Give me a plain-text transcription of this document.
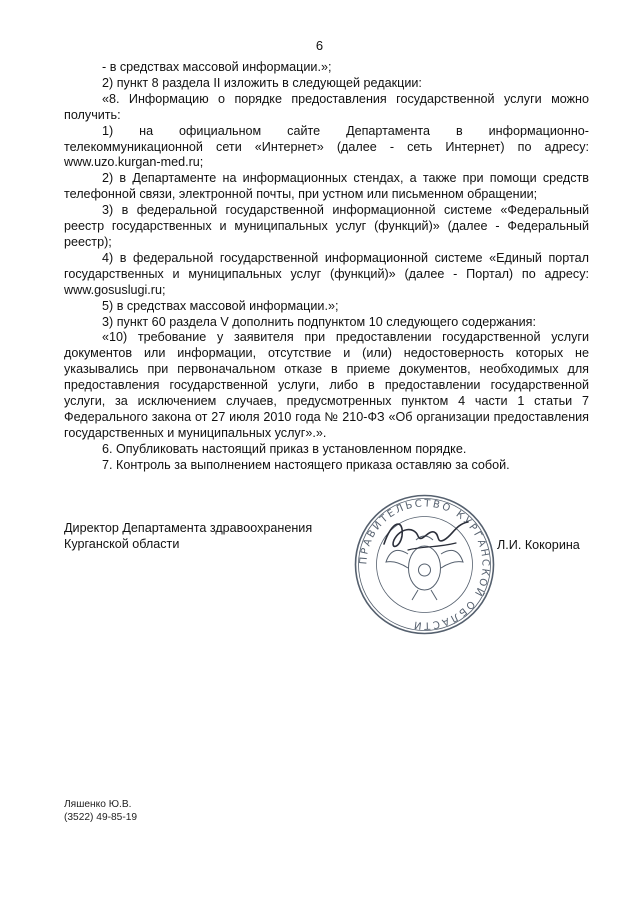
6

- в средствах массовой информации.»;

2) пункт 8 раздела II изложить в следующей редакции:

«8. Информацию о порядке предоставления государственной услуги можно получить:

1) на официальном сайте Департамента в информационно-телекоммуникационной сети «Интернет» (далее - сеть Интернет) по адресу: www.uzo.kurgan-med.ru;

2) в Департаменте на информационных стендах, а также при помощи средств телефонной связи, электронной почты, при устном или письменном обращении;

3) в федеральной государственной информационной системе «Федеральный реестр государственных и муниципальных услуг (функций)» (далее - Федеральный реестр);

4) в федеральной государственной информационной системе «Единый портал государственных и муниципальных услуг (функций)» (далее - Портал) по адресу: www.gosuslugi.ru;

5) в средствах массовой информации.»;

3) пункт 60 раздела V дополнить подпунктом 10 следующего содержания:

«10) требование у заявителя при предоставлении государственной услуги документов или информации, отсутствие и (или) недостоверность которых не указывались при первоначальном отказе в приеме документов, необходимых для предоставления государственной услуги, либо в предоставлении государственной услуги, за исключением случаев, предусмотренных пунктом 4 части 1 статьи 7 Федерального закона от 27 июля 2010 года № 210-ФЗ «Об организации предоставления государственных и муниципальных услуг».».

6. Опубликовать настоящий приказ в установленном порядке.

7. Контроль за выполнением настоящего приказа оставляю за собой.

Директор Департамента здравоохранения
Курганской области
ПРАВИТЕЛЬСТВО КУРГАНСКОЙ ОБЛАСТИ
Л.И. Кокорина
Ляшенко Ю.В.
(3522) 49-85-19
